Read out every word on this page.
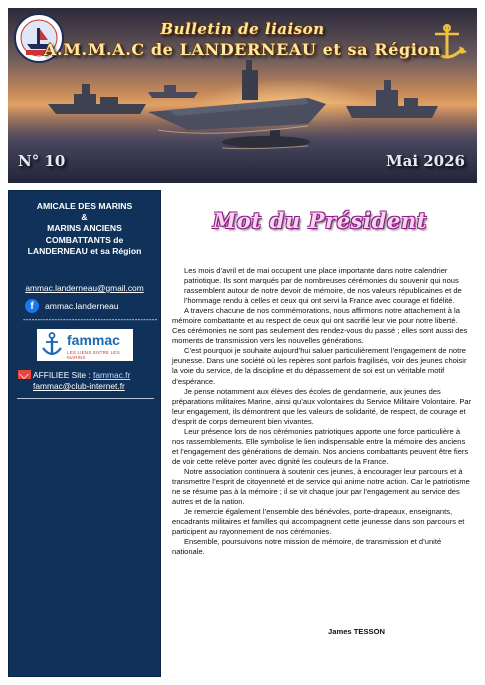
Bulletin de liaison
A.M.M.A.C de LANDERNEAU et sa Région
N° 10	Mai 2026
AMICALE DES MARINS
&
MARINS ANCIENS
COMBATTANTS de
LANDERNEAU et sa Région
ammac.landerneau@gmail.com
f	ammac.landerneau
-----------------------------------------------
fammac
LES LIENS ENTRE LES MARINS
AFFILIEE Site : fammac.fr
fammac@club-internet.fr
Mot du Président

Les mois d’avril et de mai occupent une place importante dans notre calendrier patriotique. Ils sont marqués par de nombreuses cérémonies du souvenir qui nous rassemblent autour de notre devoir de mémoire, de nos valeurs républicaines et de l’hommage rendu à celles et ceux qui ont servi la France avec courage et fidélité.

A travers chacune de nos commémorations, nous affirmons notre attachement à la mémoire combattante et au respect de ceux qui ont sacrifié leur vie pour notre liberté. Ces cérémonies ne sont pas seulement des rendez-vous du passé ; elles sont aussi des moments de transmission vers les nouvelles générations.

C’est pourquoi je souhaite aujourd’hui saluer particulièrement l’engagement de notre jeunesse. Dans une société où les repères sont parfois fragilisés, voir des jeunes choisir la voie du service, de la discipline et du dépassement de soi est un véritable motif d’espérance.

Je pense notamment aux élèves des écoles de gendarmerie, aux jeunes des préparations militaires Marine, ainsi qu’aux volontaires du Service Militaire Volontaire. Par leur engagement, ils démontrent que les valeurs de solidarité, de respect, de courage et d’esprit de corps demeurent bien vivantes.

Leur présence lors de nos cérémonies patriotiques apporte une force particulière à nos rassemblements. Elle symbolise le lien indispensable entre la mémoire des anciens et l’engagement des générations de demain. Nos anciens combattants peuvent être fiers de voir cette relève porter avec dignité les couleurs de la France.

Notre association continuera à soutenir ces jeunes, à encourager leur parcours et à transmettre l’esprit de citoyenneté et de service qui anime notre action. Car le patriotisme ne se résume pas à la mémoire ; il se vit chaque jour par l’engagement au service des autres et de la nation.

Je remercie également l’ensemble des bénévoles, porte-drapeaux, enseignants, encadrants militaires et familles qui accompagnent cette jeunesse dans son parcours et participent au rayonnement de nos cérémonies.

Ensemble, poursuivons notre mission de mémoire, de transmission et d’unité nationale.

James TESSON
